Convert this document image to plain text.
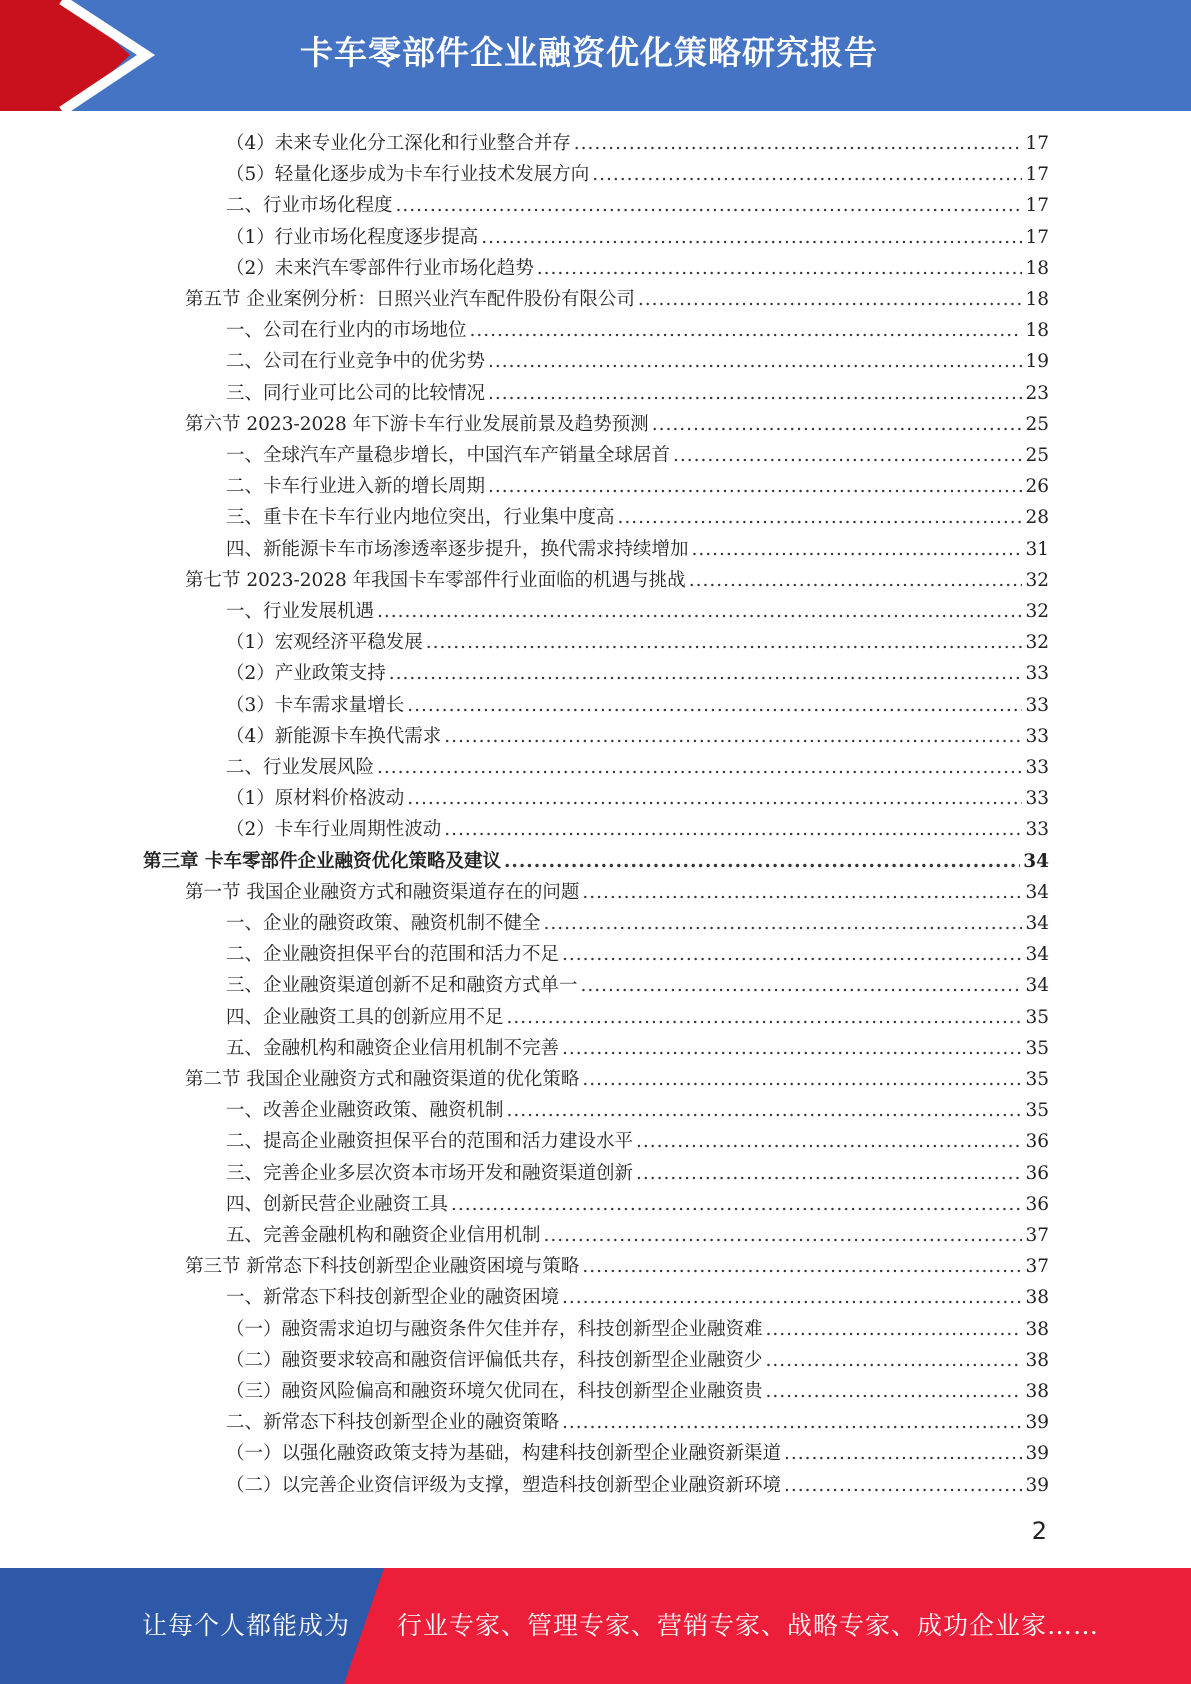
卡车零部件企业融资优化策略研究报告
（4）未来专业化分工深化和行业整合并存 .....	17
（5）轻量化逐步成为卡车行业技术发展方向 .....	17
二、行业市场化程度 .....	17
（1）行业市场化程度逐步提高 .....	17
（2）未来汽车零部件行业市场化趋势 .....	18
第五节 企业案例分析：日照兴业汽车配件股份有限公司 .....	18
一、公司在行业内的市场地位 .....	18
二、公司在行业竞争中的优劣势 .....	19
三、同行业可比公司的比较情况 .....	23
第六节 2023-2028 年下游卡车行业发展前景及趋势预测 .....	25
一、全球汽车产量稳步增长，中国汽车产销量全球居首 .....	25
二、卡车行业进入新的增长周期 .....	26
三、重卡在卡车行业内地位突出，行业集中度高 .....	28
四、新能源卡车市场渗透率逐步提升，换代需求持续增加 .....	31
第七节 2023-2028 年我国卡车零部件行业面临的机遇与挑战 .....	32
一、行业发展机遇 .....	32
（1）宏观经济平稳发展 .....	32
（2）产业政策支持 .....	33
（3）卡车需求量增长 .....	33
（4）新能源卡车换代需求 .....	33
二、行业发展风险 .....	33
（1）原材料价格波动 .....	33
（2）卡车行业周期性波动 .....	33
第三章 卡车零部件企业融资优化策略及建议 .....	34
第一节 我国企业融资方式和融资渠道存在的问题 .....	34
一、企业的融资政策、融资机制不健全 .....	34
二、企业融资担保平台的范围和活力不足 .....	34
三、企业融资渠道创新不足和融资方式单一 .....	34
四、企业融资工具的创新应用不足 .....	35
五、金融机构和融资企业信用机制不完善 .....	35
第二节 我国企业融资方式和融资渠道的优化策略 .....	35
一、改善企业融资政策、融资机制 .....	35
二、提高企业融资担保平台的范围和活力建设水平 .....	36
三、完善企业多层次资本市场开发和融资渠道创新 .....	36
四、创新民营企业融资工具 .....	36
五、完善金融机构和融资企业信用机制 .....	37
第三节 新常态下科技创新型企业融资困境与策略 .....	37
一、新常态下科技创新型企业的融资困境 .....	38
（一）融资需求迫切与融资条件欠佳并存，科技创新型企业融资难 .....	38
（二）融资要求较高和融资信评偏低共存，科技创新型企业融资少 .....	38
（三）融资风险偏高和融资环境欠优同在，科技创新型企业融资贵 .....	38
二、新常态下科技创新型企业的融资策略 .....	39
（一）以强化融资政策支持为基础，构建科技创新型企业融资新渠道 .....	39
（二）以完善企业资信评级为支撑，塑造科技创新型企业融资新环境 .....	39
2
让每个人都能成为 行业专家、管理专家、营销专家、战略专家、成功企业家……
